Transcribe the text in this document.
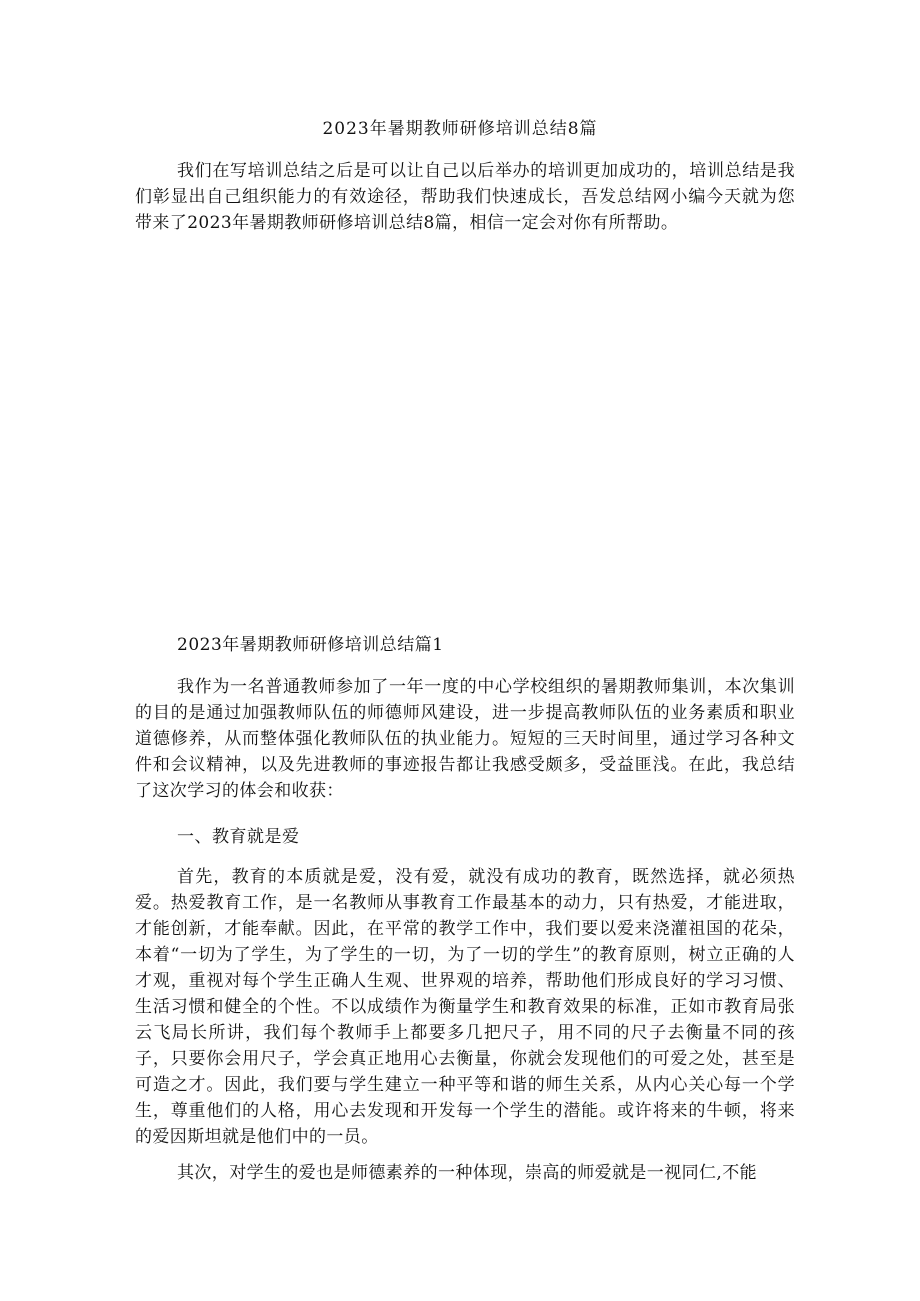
2023年暑期教师研修培训总结8篇
我们在写培训总结之后是可以让自己以后举办的培训更加成功的，培训总结是我们彰显出自己组织能力的有效途径，帮助我们快速成长，吾发总结网小编今天就为您带来了2023年暑期教师研修培训总结8篇，相信一定会对你有所帮助。
2023年暑期教师研修培训总结篇1
我作为一名普通教师参加了一年一度的中心学校组织的暑期教师集训，本次集训的目的是通过加强教师队伍的师德师风建设，进一步提高教师队伍的业务素质和职业道德修养，从而整体强化教师队伍的执业能力。短短的三天时间里，通过学习各种文件和会议精神，以及先进教师的事迹报告都让我感受颇多，受益匪浅。在此，我总结了这次学习的体会和收获：
一、教育就是爱
首先，教育的本质就是爱，没有爱，就没有成功的教育，既然选择，就必须热爱。热爱教育工作，是一名教师从事教育工作最基本的动力，只有热爱，才能进取，才能创新，才能奉献。因此，在平常的教学工作中，我们要以爱来浇灌祖国的花朵，本着“一切为了学生，为了学生的一切，为了一切的学生”的教育原则，树立正确的人才观，重视对每个学生正确人生观、世界观的培养，帮助他们形成良好的学习习惯、生活习惯和健全的个性。不以成绩作为衡量学生和教育效果的标准，正如市教育局张云飞局长所讲，我们每个教师手上都要多几把尺子，用不同的尺子去衡量不同的孩子，只要你会用尺子，学会真正地用心去衡量，你就会发现他们的可爱之处，甚至是可造之才。因此，我们要与学生建立一种平等和谐的师生关系，从内心关心每一个学生，尊重他们的人格，用心去发现和开发每一个学生的潜能。或许将来的牛顿，将来的爱因斯坦就是他们中的一员。
其次，对学生的爱也是师德素养的一种体现，崇高的师爱就是一视同仁,不能
